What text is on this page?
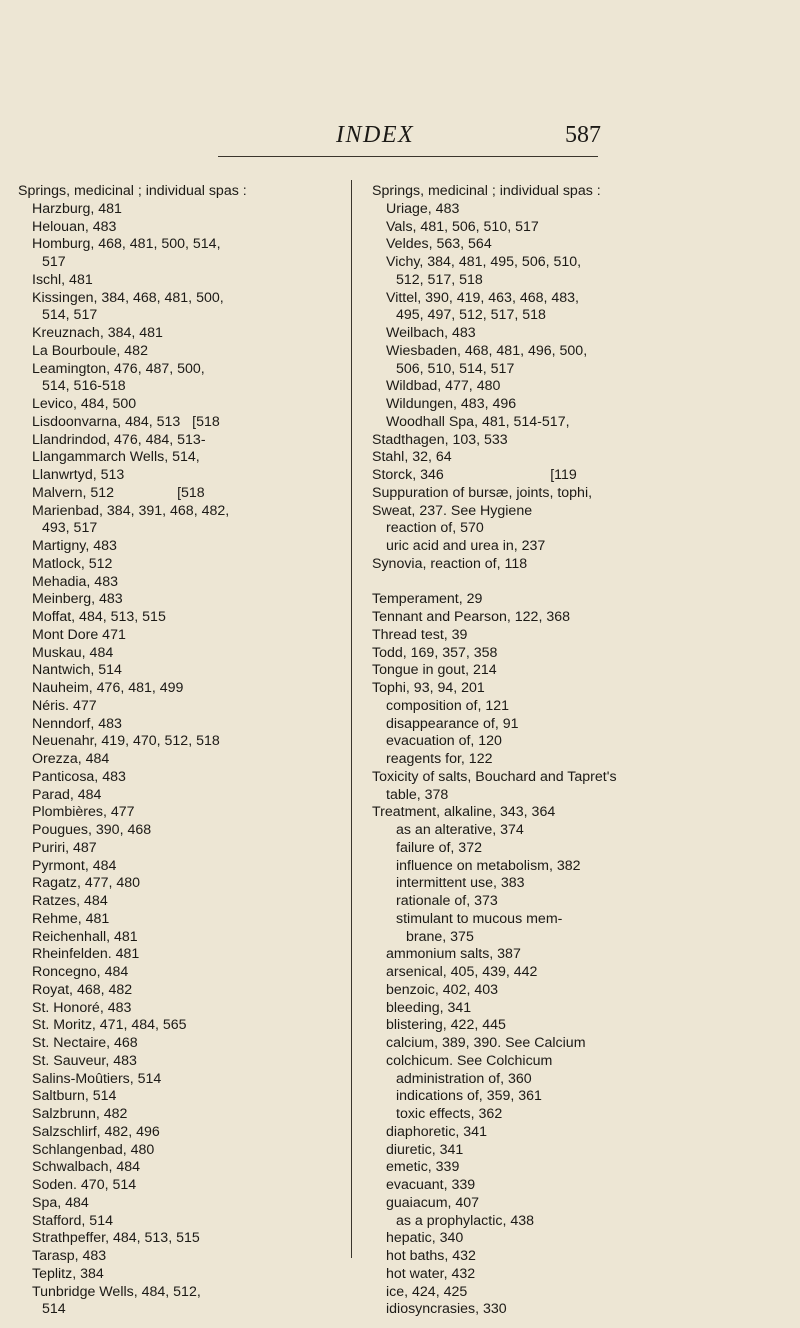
INDEX	587
Springs, medicinal ; individual spas :
Harzburg, 481
Helouan, 483
Homburg, 468, 481, 500, 514,
517
Ischl, 481
Kissingen, 384, 468, 481, 500,
514, 517
Kreuznach, 384, 481
La Bourboule, 482
Leamington, 476, 487, 500,
514, 516-518
Levico, 484, 500
Lisdoonvarna, 484, 513   [518
Llandrindod, 476, 484, 513-
Llangammarch Wells, 514,
Llanwrtyd, 513
Malvern, 512                [518
Marienbad, 384, 391, 468, 482,
493, 517
Martigny, 483
Matlock, 512
Mehadia, 483
Meinberg, 483
Moffat, 484, 513, 515
Mont Dore 471
Muskau, 484
Nantwich, 514
Nauheim, 476, 481, 499
Néris. 477
Nenndorf, 483
Neuenahr, 419, 470, 512, 518
Orezza, 484
Panticosa, 483
Parad, 484
Plombières, 477
Pougues, 390, 468
Puriri, 487
Pyrmont, 484
Ragatz, 477, 480
Ratzes, 484
Rehme, 481
Reichenhall, 481
Rheinfelden. 481
Roncegno, 484
Royat, 468, 482
St. Honoré, 483
St. Moritz, 471, 484, 565
St. Nectaire, 468
St. Sauveur, 483
Salins-Moûtiers, 514
Saltburn, 514
Salzbrunn, 482
Salzschlirf, 482, 496
Schlangenbad, 480
Schwalbach, 484
Soden. 470, 514
Spa, 484
Stafford, 514
Strathpeffer, 484, 513, 515
Tarasp, 483
Teplitz, 384
Tunbridge Wells, 484, 512,
514
Springs, medicinal ; individual spas :
Uriage, 483
Vals, 481, 506, 510, 517
Veldes, 563, 564
Vichy, 384, 481, 495, 506, 510,
512, 517, 518
Vittel, 390, 419, 463, 468, 483,
495, 497, 512, 517, 518
Weilbach, 483
Wiesbaden, 468, 481, 496, 500,
506, 510, 514, 517
Wildbad, 477, 480
Wildungen, 483, 496
Woodhall Spa, 481, 514-517,
Stadthagen, 103, 533
Stahl, 32, 64
Storck, 346                           [119
Suppuration of bursæ, joints, tophi,
Sweat, 237. See Hygiene
reaction of, 570
uric acid and urea in, 237
Synovia, reaction of, 118
Temperament, 29
Tennant and Pearson, 122, 368
Thread test, 39
Todd, 169, 357, 358
Tongue in gout, 214
Tophi, 93, 94, 201
composition of, 121
disappearance of, 91
evacuation of, 120
reagents for, 122
Toxicity of salts, Bouchard and Tapret's
table, 378
Treatment, alkaline, 343, 364
as an alterative, 374
failure of, 372
influence on metabolism, 382
intermittent use, 383
rationale of, 373
stimulant to mucous mem-
brane, 375
ammonium salts, 387
arsenical, 405, 439, 442
benzoic, 402, 403
bleeding, 341
blistering, 422, 445
calcium, 389, 390. See Calcium
colchicum. See Colchicum
administration of, 360
indications of, 359, 361
toxic effects, 362
diaphoretic, 341
diuretic, 341
emetic, 339
evacuant, 339
guaiacum, 407
as a prophylactic, 438
hepatic, 340
hot baths, 432
hot water, 432
ice, 424, 425
idiosyncrasies, 330
